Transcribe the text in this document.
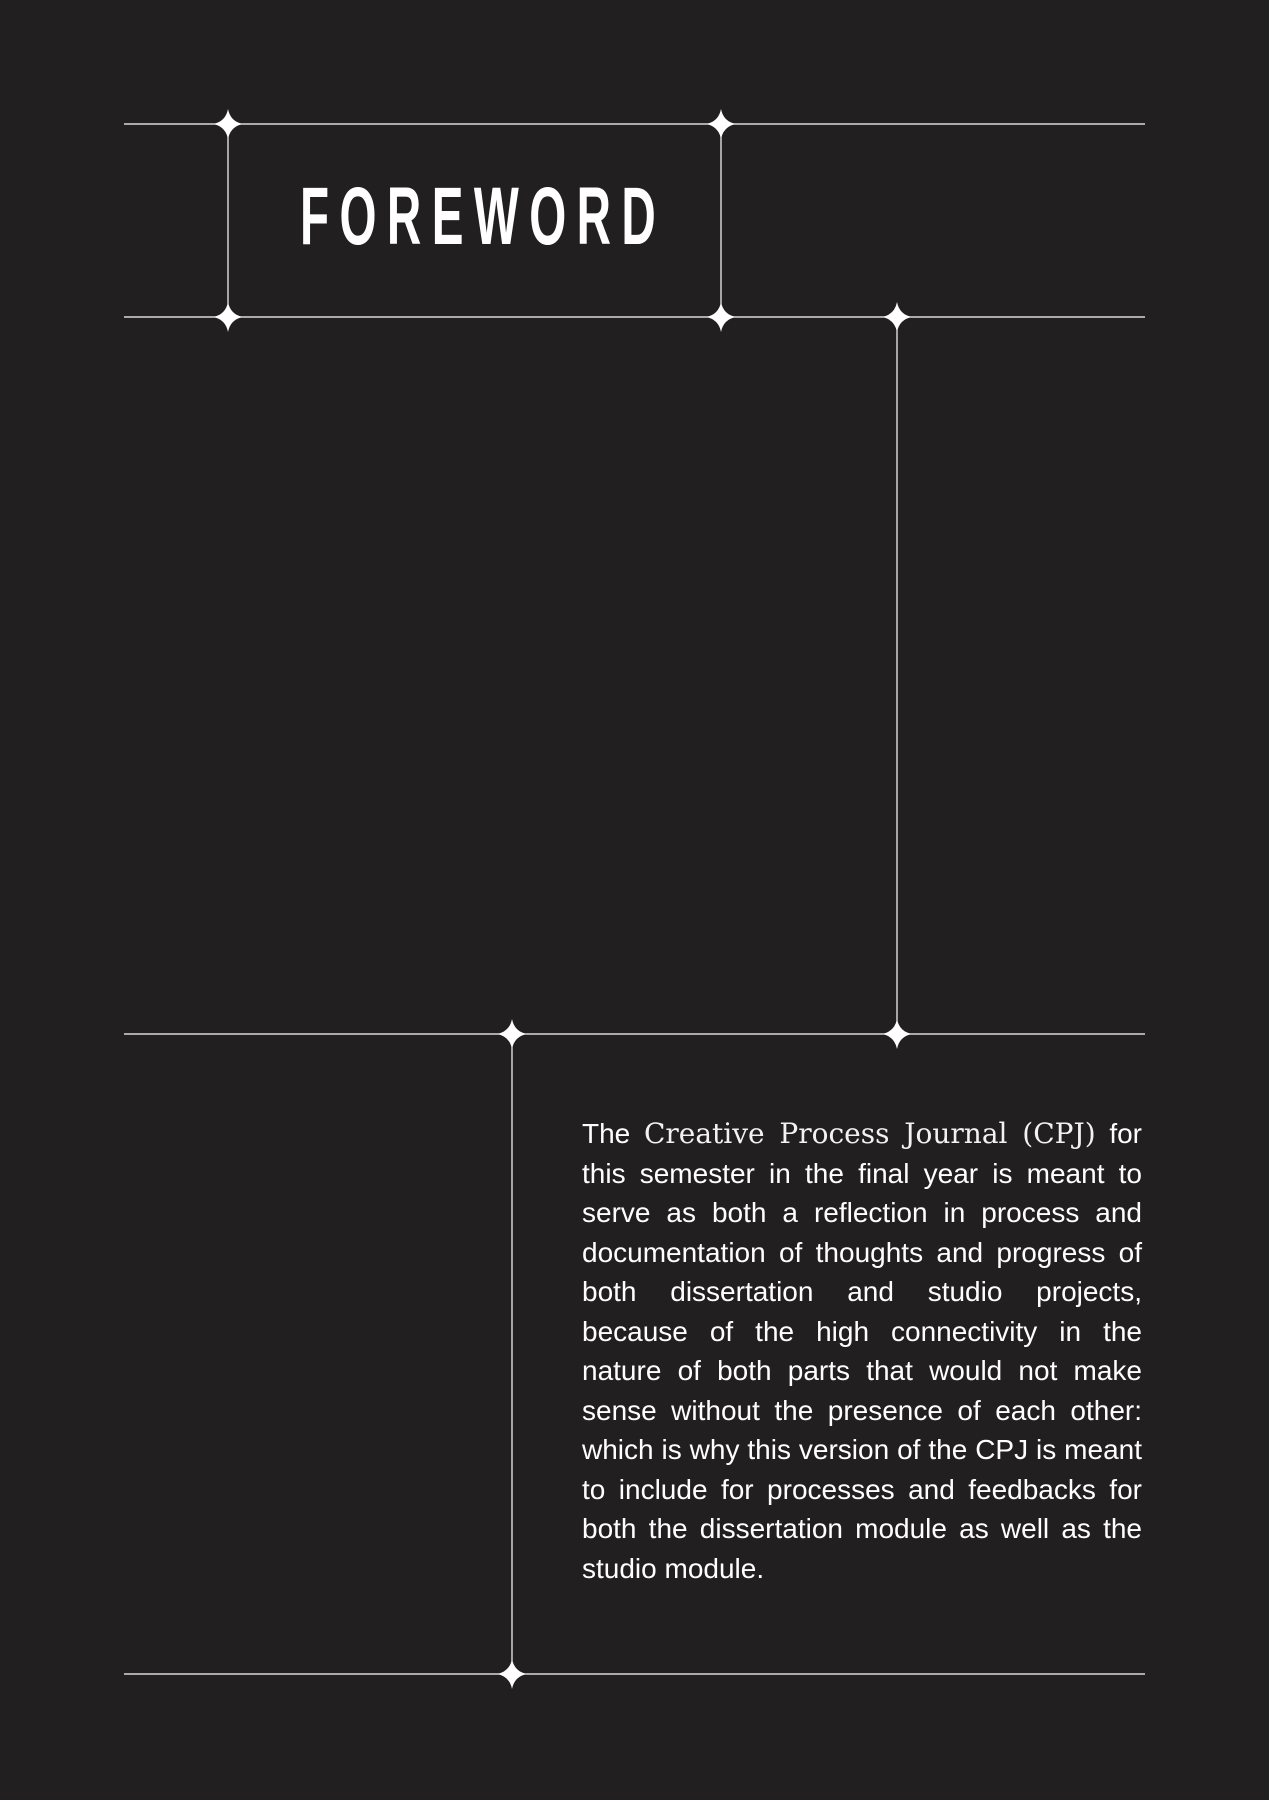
FOREWORD

The Creative Process Journal (CPJ) for this semester in the final year is meant to serve as both a reflection in process and documentation of thoughts and progress of both dissertation and studio projects, because of the high connectivity in the nature of both parts that would not make sense without the presence of each other: which is why this version of the CPJ is meant to include for processes and feedbacks for both the dissertation module as well as the studio module.
